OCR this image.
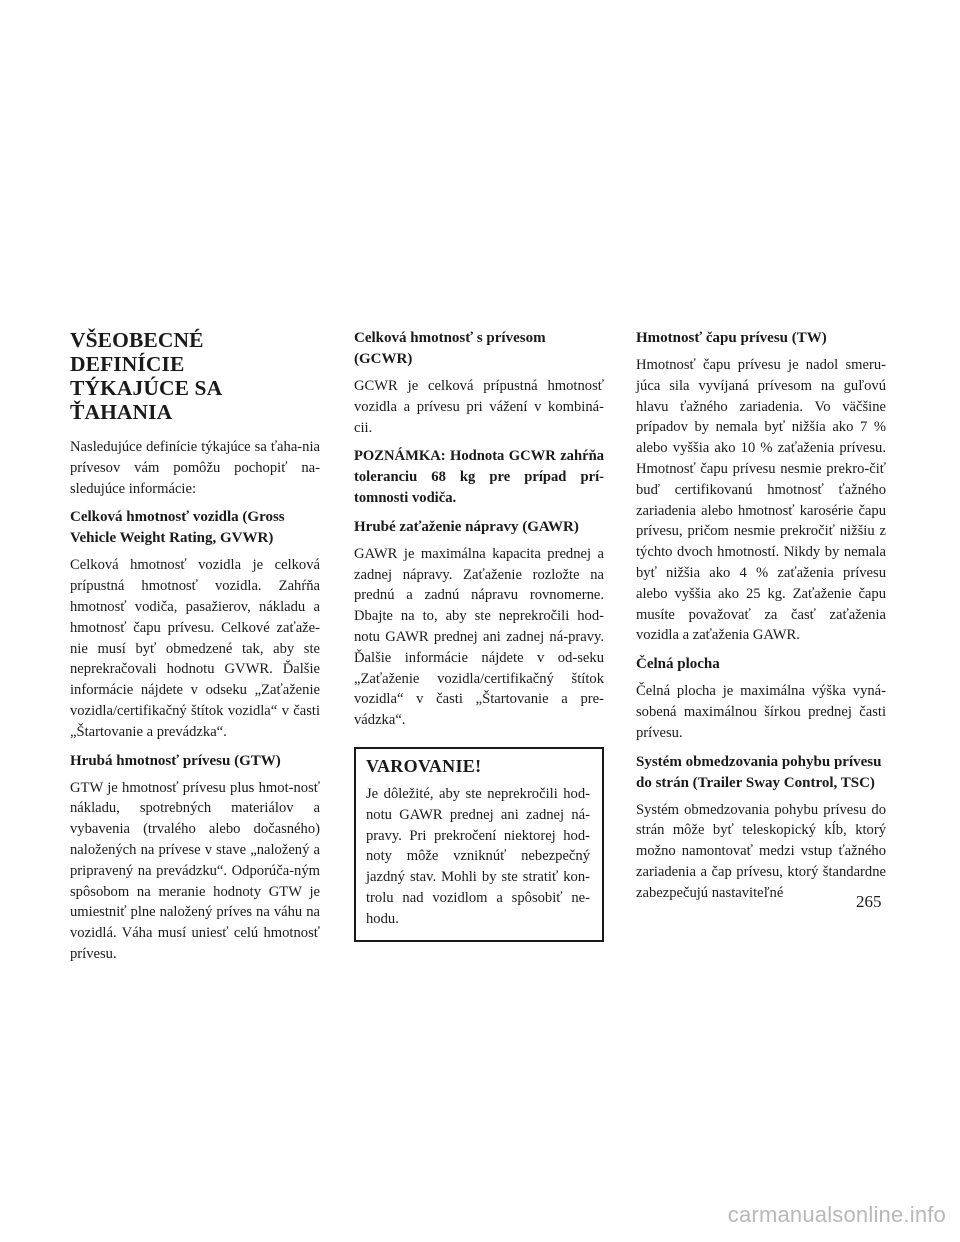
VŠEOBECNÉ DEFINÍCIE
TÝKAJÚCE SA ŤAHANIA

Nasledujúce definície týkajúce sa ťaha-nia prívesov vám pomôžu pochopiť na-sledujúce informácie:

Celková hmotnosť vozidla (Gross Vehicle Weight Rating, GVWR)

Celková hmotnosť vozidla je celková prípustná hmotnosť vozidla. Zahŕňa hmotnosť vodiča, pasažierov, nákladu a hmotnosť čapu prívesu. Celkové zaťaže-nie musí byť obmedzené tak, aby ste neprekračovali hodnotu GVWR. Ďalšie informácie nájdete v odseku „Zaťaženie vozidla/certifikačný štítok vozidla“ v časti „Štartovanie a prevádzka“.

Hrubá hmotnosť prívesu (GTW)

GTW je hmotnosť prívesu plus hmot-nosť nákladu, spotrebných materiálov a vybavenia (trvalého alebo dočasného) naložených na prívese v stave „naložený a pripravený na prevádzku“. Odporúča-ným spôsobom na meranie hodnoty GTW je umiestniť plne naložený príves na váhu na vozidlá. Váha musí uniesť celú hmotnosť prívesu.

Celková hmotnosť s prívesom (GCWR)

GCWR je celková prípustná hmotnosť vozidla a prívesu pri vážení v kombiná-cii.

POZNÁMKA: Hodnota GCWR zahŕňa toleranciu 68 kg pre prípad prí-tomnosti vodiča.

Hrubé zaťaženie nápravy (GAWR)

GAWR je maximálna kapacita prednej a zadnej nápravy. Zaťaženie rozložte na prednú a zadnú nápravu rovnomerne. Dbajte na to, aby ste neprekročili hod-notu GAWR prednej ani zadnej ná-pravy. Ďalšie informácie nájdete v od-seku „Zaťaženie vozidla/certifikačný štítok vozidla“ v časti „Štartovanie a pre-vádzka“.

VAROVANIE!

Je dôležité, aby ste neprekročili hod-notu GAWR prednej ani zadnej ná-pravy. Pri prekročení niektorej hod-noty môže vzniknúť nebezpečný jazdný stav. Mohli by ste stratiť kon-trolu nad vozidlom a spôsobiť ne-hodu.

Hmotnosť čapu prívesu (TW)

Hmotnosť čapu prívesu je nadol smeru-júca sila vyvíjaná prívesom na guľovú hlavu ťažného zariadenia. Vo väčšine prípadov by nemala byť nižšia ako 7 % alebo vyššia ako 10 % zaťaženia prívesu. Hmotnosť čapu prívesu nesmie prekro-čiť buď certifikovanú hmotnosť ťažného zariadenia alebo hmotnosť karosérie čapu prívesu, pričom nesmie prekročiť nižšiu z týchto dvoch hmotností. Nikdy by nemala byť nižšia ako 4 % zaťaženia prívesu alebo vyššia ako 25 kg. Zaťaženie čapu musíte považovať za časť zaťaženia vozidla a zaťaženia GAWR.

Čelná plocha

Čelná plocha je maximálna výška vyná-sobená maximálnou šírkou prednej časti prívesu.

Systém obmedzovania pohybu prívesu do strán (Trailer Sway Control, TSC)

Systém obmedzovania pohybu prívesu do strán môže byť teleskopický kĺb, ktorý možno namontovať medzi vstup ťažného zariadenia a čap prívesu, ktorý štandardne zabezpečujú nastaviteľné	265
carmanualsonline.info
